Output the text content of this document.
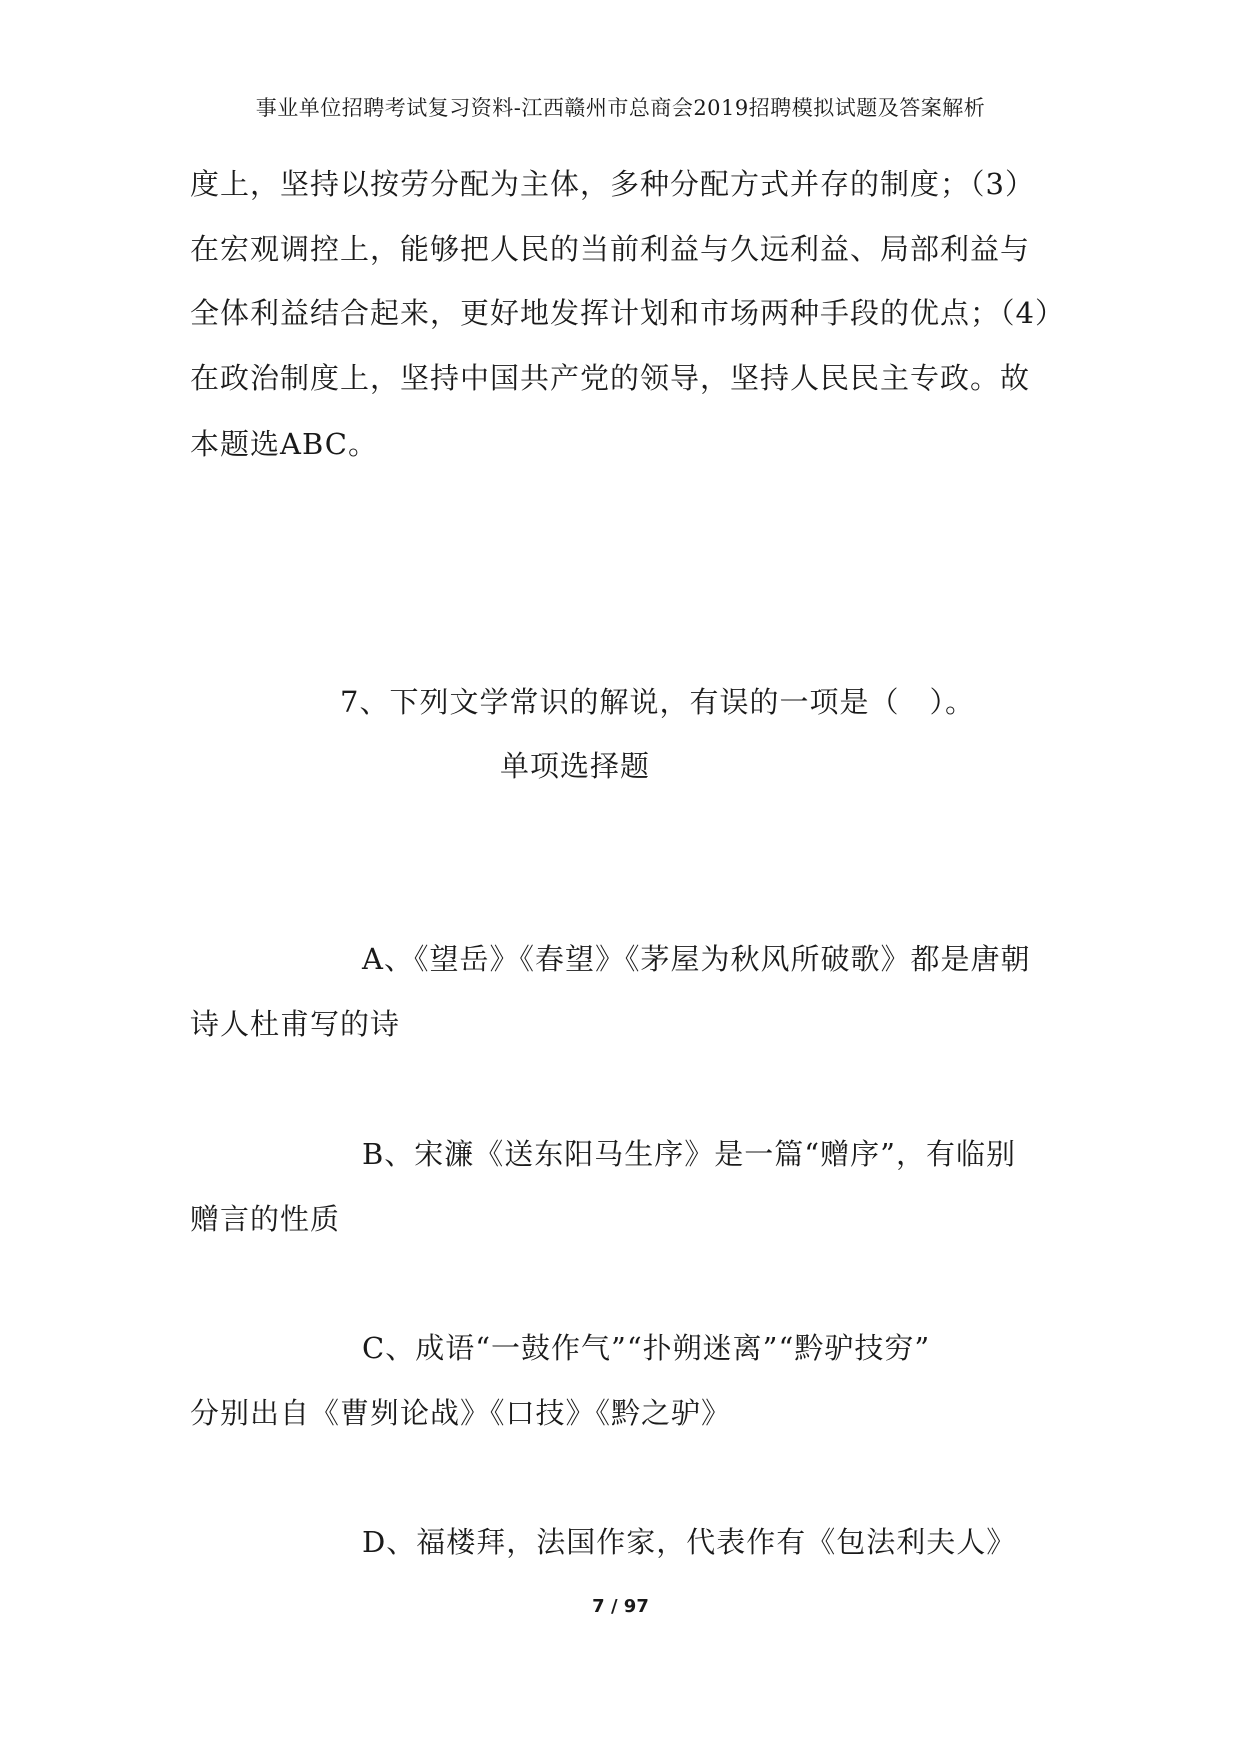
事业单位招聘考试复习资料-江西赣州市总商会2019招聘模拟试题及答案解析
度上，坚持以按劳分配为主体，多种分配方式并存的制度；（3）
在宏观调控上，能够把人民的当前利益与久远利益、局部利益与
全体利益结合起来，更好地发挥计划和市场两种手段的优点；（4）
在政治制度上，坚持中国共产党的领导，坚持人民民主专政。故
本题选ABC。
7、下列文学常识的解说，有误的一项是（　）。
单项选择题
A、《望岳》《春望》《茅屋为秋风所破歌》都是唐朝
诗人杜甫写的诗
B、宋濂《送东阳马生序》是一篇“赠序”，有临别
赠言的性质
C、成语“一鼓作气”“扑朔迷离”“黔驴技穷”
分别出自《曹刿论战》《口技》《黔之驴》
D、福楼拜，法国作家，代表作有《包法利夫人》
7 / 97
